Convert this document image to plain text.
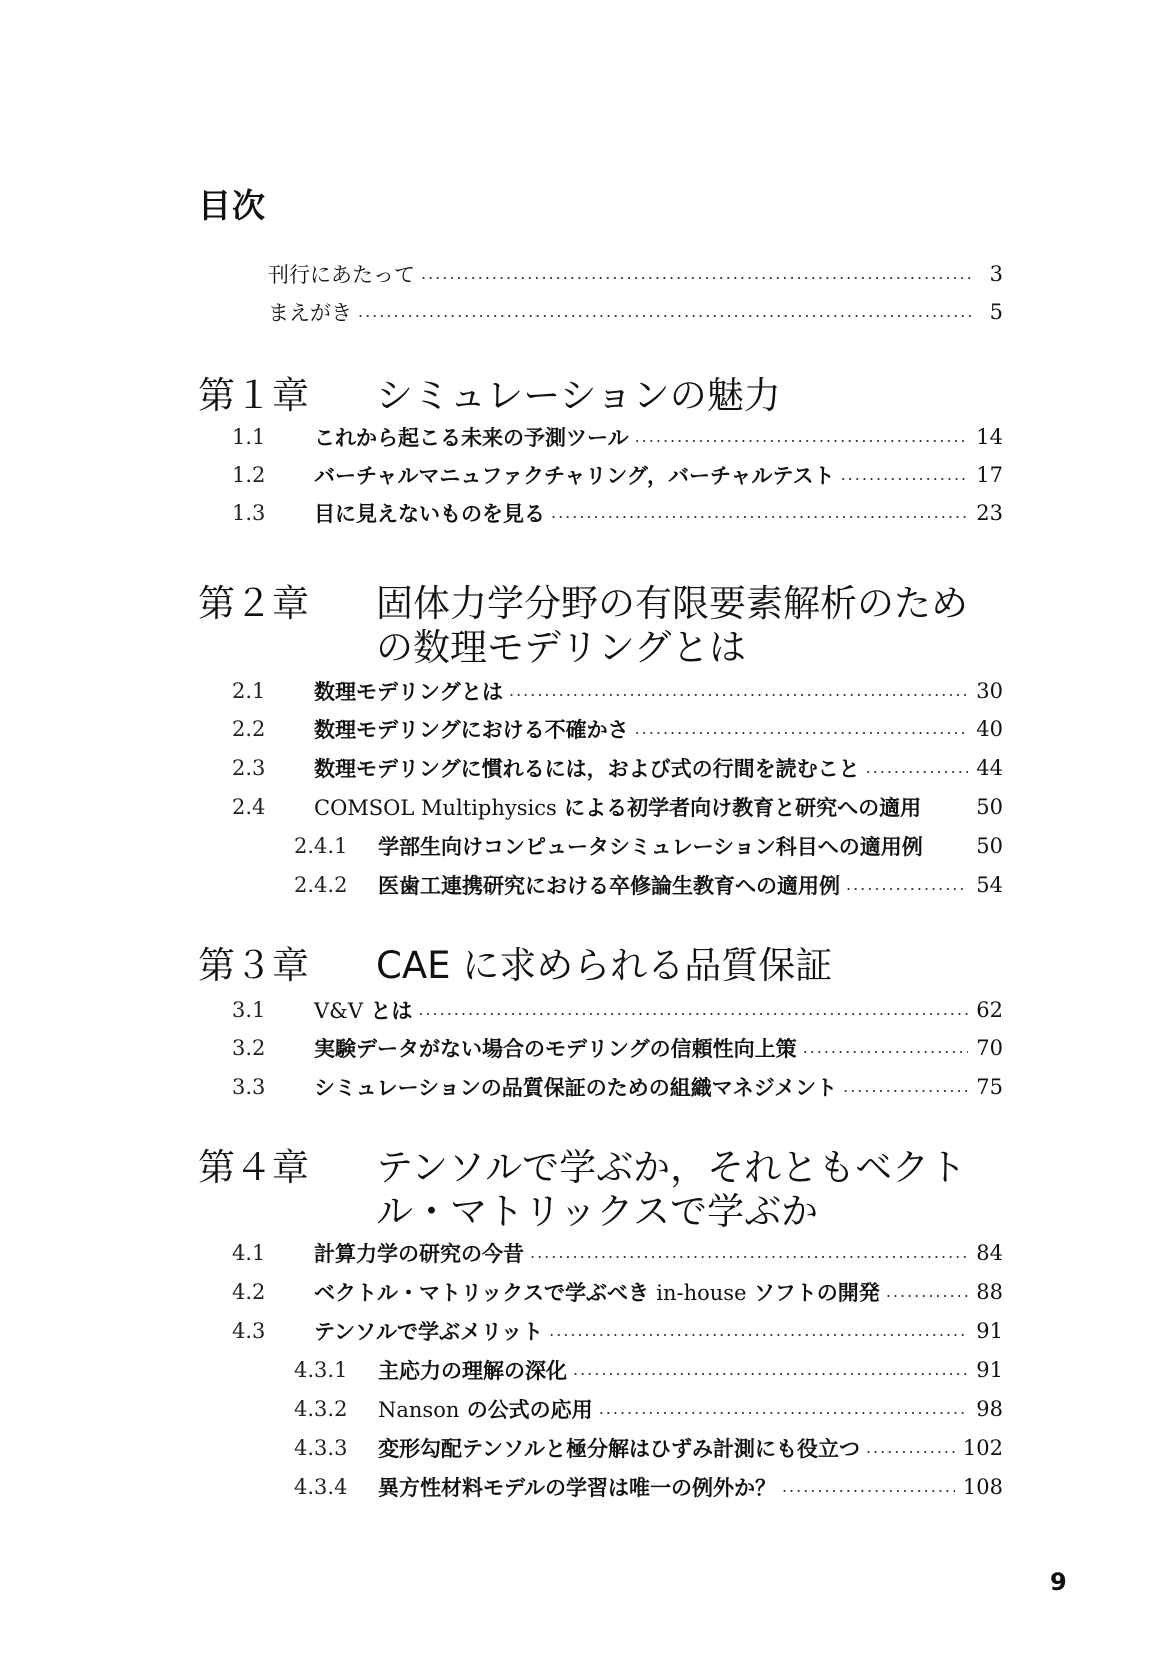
目次
刊行にあたって .....	3
まえがき .....	5
第１章 シミュレーションの魅力
1.1 これから起こる未来の予測ツール .....	14
1.2 バーチャルマニュファクチャリング，バーチャルテスト .....	17
1.3 目に見えないものを見る .....	23
第２章 固体力学分野の有限要素解析のための数理モデリングとは
2.1 数理モデリングとは .....	30
2.2 数理モデリングにおける不確かさ .....	40
2.3 数理モデリングに慣れるには，および式の行間を読むこと .....	44
2.4 COMSOL Multiphysics による初学者向け教育と研究への適用	50
2.4.1 学部生向けコンピュータシミュレーション科目への適用例	50
2.4.2 医歯工連携研究における卒修論生教育への適用例 .....	54
第３章 CAE に求められる品質保証
3.1 V&V とは .....	62
3.2 実験データがない場合のモデリングの信頼性向上策 .....	70
3.3 シミュレーションの品質保証のための組織マネジメント .....	75
第４章 テンソルで学ぶか，それともベクトル・マトリックスで学ぶか
4.1 計算力学の研究の今昔 .....	84
4.2 ベクトル・マトリックスで学ぶべき in-house ソフトの開発 .....	88
4.3 テンソルで学ぶメリット .....	91
4.3.1 主応力の理解の深化 .....	91
4.3.2 Nanson の公式の応用 .....	98
4.3.3 変形勾配テンソルと極分解はひずみ計測にも役立つ .....	102
4.3.4 異方性材料モデルの学習は唯一の例外か？ .....	108
9
